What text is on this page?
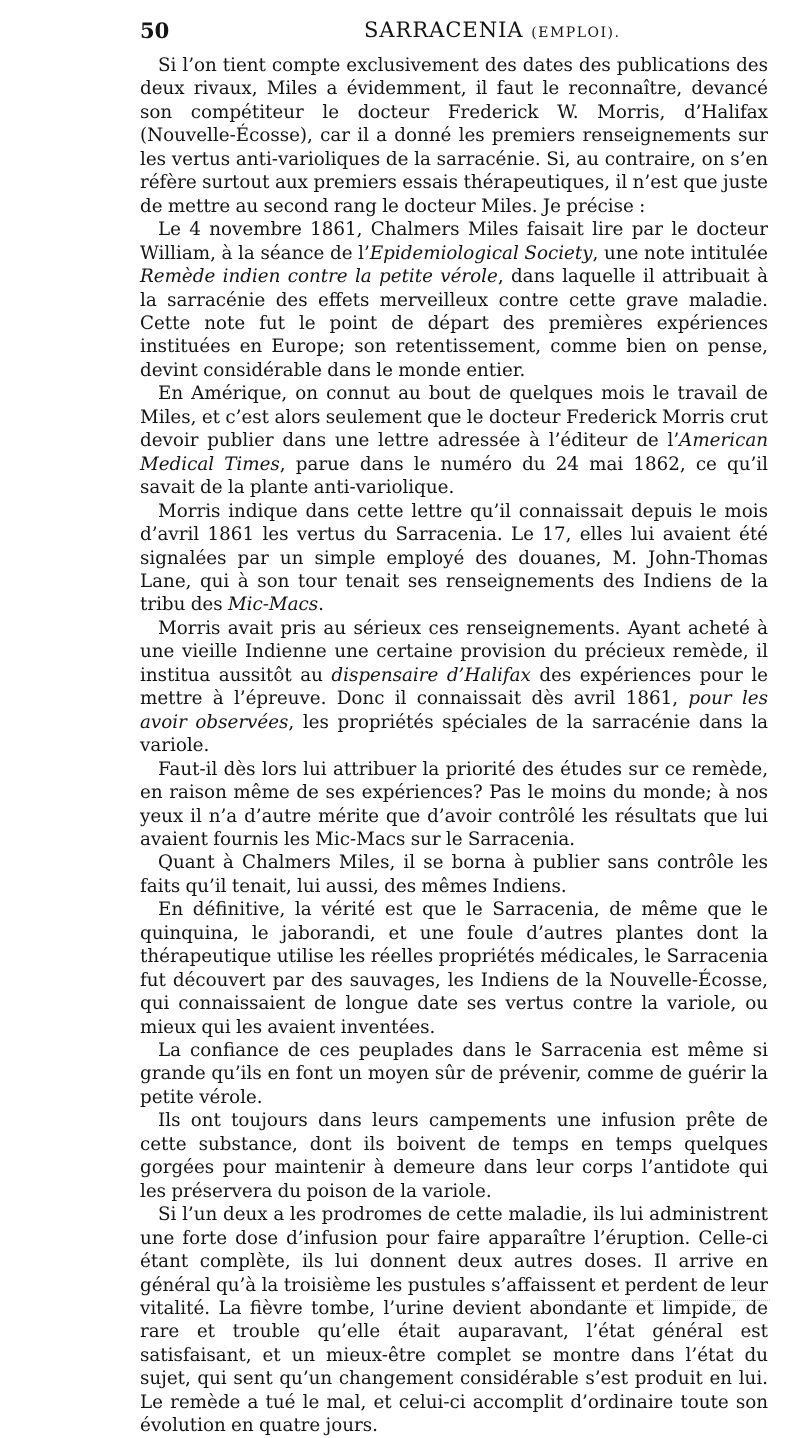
50	SARRACENIA (EMPLOI).

Si l’on tient compte exclusivement des dates des publications des deux rivaux, Miles a évidemment, il faut le reconnaître, devancé son compétiteur le docteur Frederick W. Morris, d’Halifax (Nouvelle-Écosse), car il a donné les premiers renseignements sur les vertus anti-varioliques de la sarracénie. Si, au contraire, on s’en réfère surtout aux premiers essais thérapeutiques, il n’est que juste de mettre au second rang le docteur Miles. Je précise :

Le 4 novembre 1861, Chalmers Miles faisait lire par le docteur William, à la séance de l’Epidemiological Society, une note intitulée Remède indien contre la petite vérole, dans laquelle il attribuait à la sarracénie des effets merveilleux contre cette grave maladie. Cette note fut le point de départ des premières expériences instituées en Europe; son retentissement, comme bien on pense, devint considérable dans le monde entier.

En Amérique, on connut au bout de quelques mois le travail de Miles, et c’est alors seulement que le docteur Frederick Morris crut devoir publier dans une lettre adressée à l’éditeur de l’American Medical Times, parue dans le numéro du 24 mai 1862, ce qu’il savait de la plante anti-variolique.

Morris indique dans cette lettre qu’il connaissait depuis le mois d’avril 1861 les vertus du Sarracenia. Le 17, elles lui avaient été signalées par un simple employé des douanes, M. John-Thomas Lane, qui à son tour tenait ses renseignements des Indiens de la tribu des Mic-Macs.

Morris avait pris au sérieux ces renseignements. Ayant acheté à une vieille Indienne une certaine provision du précieux remède, il institua aussitôt au dispensaire d’Halifax des expériences pour le mettre à l’épreuve. Donc il connaissait dès avril 1861, pour les avoir observées, les propriétés spéciales de la sarracénie dans la variole.

Faut-il dès lors lui attribuer la priorité des études sur ce remède, en raison même de ses expériences? Pas le moins du monde; à nos yeux il n’a d’autre mérite que d’avoir contrôlé les résultats que lui avaient fournis les Mic-Macs sur le Sarracenia.

Quant à Chalmers Miles, il se borna à publier sans contrôle les faits qu’il tenait, lui aussi, des mêmes Indiens.

En définitive, la vérité est que le Sarracenia, de même que le quinquina, le jaborandi, et une foule d’autres plantes dont la thérapeutique utilise les réelles propriétés médicales, le Sarracenia fut découvert par des sauvages, les Indiens de la Nouvelle-Écosse, qui connaissaient de longue date ses vertus contre la variole, ou mieux qui les avaient inventées.

La confiance de ces peuplades dans le Sarracenia est même si grande qu’ils en font un moyen sûr de prévenir, comme de guérir la petite vérole.

Ils ont toujours dans leurs campements une infusion prête de cette substance, dont ils boivent de temps en temps quelques gorgées pour maintenir à demeure dans leur corps l’antidote qui les préservera du poison de la variole.

Si l’un deux a les prodromes de cette maladie, ils lui administrent une forte dose d’infusion pour faire apparaître l’éruption. Celle-ci étant complète, ils lui donnent deux autres doses. Il arrive en général qu’à la troisième les pustules s’affaissent et perdent de leur vitalité. La fièvre tombe, l’urine devient abondante et limpide, de rare et trouble qu’elle était auparavant, l’état général est satisfaisant, et un mieux-être complet se montre dans l’état du sujet, qui sent qu’un changement considérable s’est produit en lui. Le remède a tué le mal, et celui-ci accomplit d’ordinaire toute son évolution en quatre jours.
